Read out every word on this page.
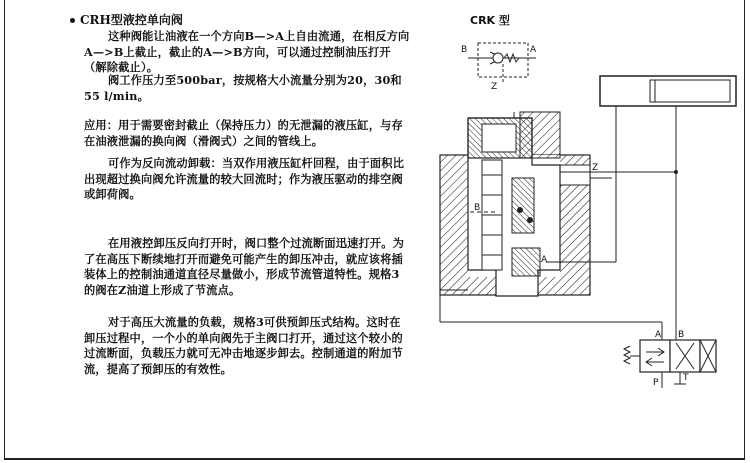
CRH型液控单向阀
这种阀能让油液在一个方向B—>A上自由流通，在相反方向A—>B上截止，截止的A—>B方向，可以通过控制油压打开（解除截止）。
阀工作压力至500bar，按规格大小流量分别为20，30和55 l/min。
应用：用于需要密封截止（保持压力）的无泄漏的液压缸，与存在油液泄漏的换向阀（滑阀式）之间的管线上。
可作为反向流动卸载：当双作用液压缸杆回程，由于面积比出现超过换向阀允许流量的较大回流时；作为液压驱动的排空阀或卸荷阀。
在用液控卸压反向打开时，阀口整个过流断面迅速打开。为了在高压下断续地打开而避免可能产生的卸压冲击，就应该将插装体上的控制油通道直径尽量做小，形成节流管道特性。规格3的阀在Z油道上形成了节流点。
对于高压大流量的负载，规格3可供预卸压式结构。这时在卸压过程中，一个小的单向阀先于主阀口打开，通过这个较小的过流断面，负载压力就可无冲击地逐步卸去。控制通道的附加节流，提高了预卸压的有效性。
CRK 型
B	A
Z
Z
B
A
A B
P	T
